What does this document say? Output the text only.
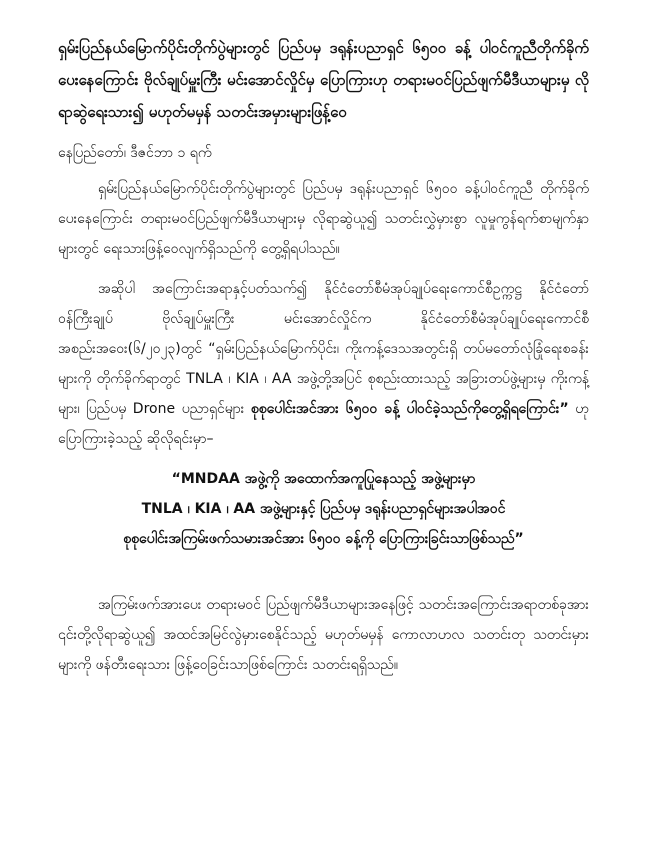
ရှမ်းပြည်နယ်မြောက်ပိုင်းတိုက်ပွဲများတွင် ပြည်ပမှ ဒရုန်းပညာရှင် ၆၅၀၀ ခန့် ပါဝင်ကူညီတိုက်ခိုက်ပေးနေကြောင်း ဗိုလ်ချုပ်မှူးကြီး မင်းအောင်လှိုင်မှ ပြောကြားဟု တရားမဝင်ပြည်ဖျက်မီဒီယာများမှ လိုရာဆွဲရေးသား၍ မဟုတ်မမှန် သတင်းအမှားများဖြန့်ဝေ
နေပြည်တော်၊ ဒီဇင်ဘာ ၁ ရက်
ရှမ်းပြည်နယ်မြောက်ပိုင်းတိုက်ပွဲများတွင် ပြည်ပမှ ဒရုန်းပညာရှင် ၆၅၀၀ ခန့်ပါဝင်ကူညီ တိုက်ခိုက်ပေးနေကြောင်း တရားမဝင်ပြည်ဖျက်မီဒီယာများမှ လိုရာဆွဲယူ၍ သတင်းလွှဲမှားစွာ လူမှုကွန်ရက်စာမျက်နှာများတွင် ရေးသားဖြန့်ဝေလျက်ရှိသည်ကို တွေ့ရှိရပါသည်။
အဆိုပါ အကြောင်းအရာနှင့်ပတ်သက်၍ နိုင်ငံတော်စီမံအုပ်ချုပ်ရေးကောင်စီဥက္ကဋ္ဌ နိုင်ငံတော်ဝန်ကြီးချုပ် ဗိုလ်ချုပ်မှူးကြီး မင်းအောင်လှိုင်က နိုင်ငံတော်စီမံအုပ်ချုပ်ရေးကောင်စီအစည်းအဝေး(၆/၂၀၂၃)တွင် “ရှမ်းပြည်နယ်မြောက်ပိုင်း၊ ကိုးကန့်ဒေသအတွင်းရှိ တပ်မတော်လုံခြုံရေးစခန်းများကို တိုက်ခိုက်ရာတွင် TNLA ၊ KIA ၊ AA အဖွဲ့တို့အပြင် စုစည်းထားသည့် အခြားတပ်ဖွဲ့များမှ ကိုးကန့်များ၊ ပြည်ပမှ Drone ပညာရှင်များ စုစုပေါင်းအင်အား ၆၅၀၀ ခန့် ပါဝင်ခဲ့သည်ကိုတွေ့ရှိရကြောင်း” ဟု ပြောကြားခဲ့သည့် ဆိုလိုရင်းမှာ–
“MNDAA အဖွဲ့ကို အထောက်အကူပြုနေသည့် အဖွဲ့များမှာ
TNLA ၊ KIA ၊ AA အဖွဲ့များနှင့် ပြည်ပမှ ဒရုန်းပညာရှင်များအပါအဝင်
စုစုပေါင်းအကြမ်းဖက်သမားအင်အား ၆၅၀၀ ခန့်ကို ပြောကြားခြင်းသာဖြစ်သည်”
အကြမ်းဖက်အားပေး တရားမဝင် ပြည်ဖျက်မီဒီယာများအနေဖြင့် သတင်းအကြောင်းအရာတစ်ခုအား ၎င်းတို့လိုရာဆွဲယူ၍ အထင်အမြင်လွဲမှားစေနိုင်သည့် မဟုတ်မမှန် ကောလာဟလ သတင်းတု သတင်းမှားများကို ဖန်တီးရေးသား ဖြန့်ဝေခြင်းသာဖြစ်ကြောင်း သတင်းရရှိသည်။
